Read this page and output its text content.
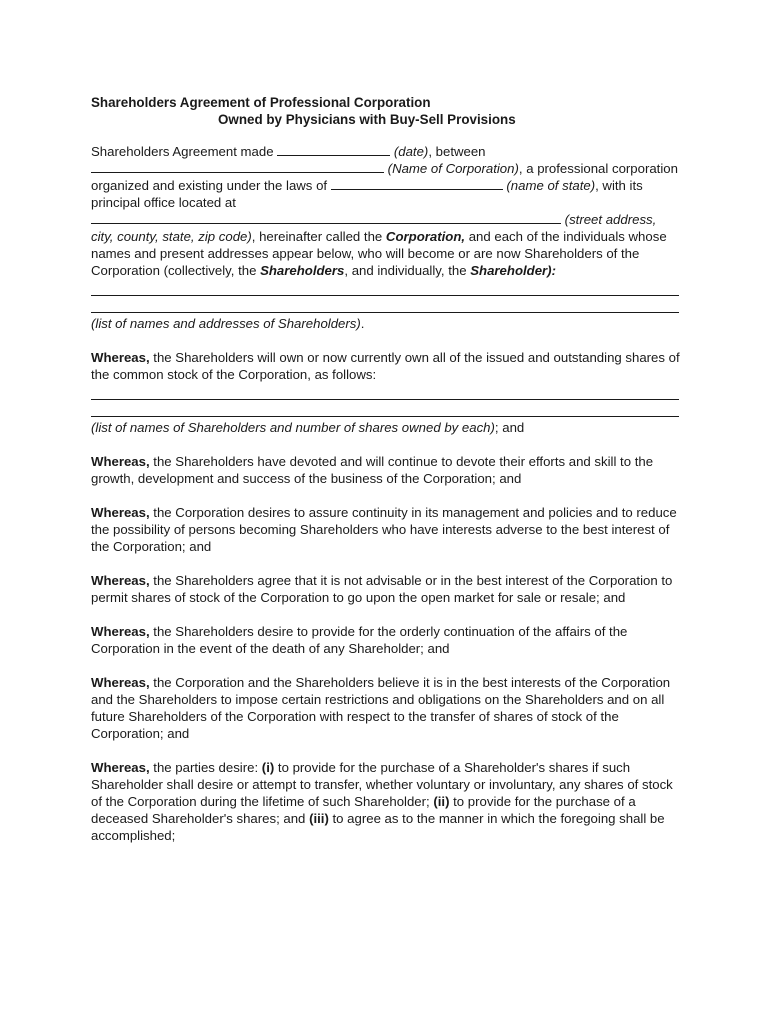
Shareholders Agreement of Professional Corporation

Owned by Physicians with Buy-Sell Provisions

Shareholders Agreement made	(date), between  (Name of Corporation), a professional corporation organized and existing under the laws of	(name of state), with its principal office located at  (street address, city, county, state, zip code), hereinafter called the Corporation, and each of the individuals whose names and present addresses appear below, who will become or are now Shareholders of the Corporation (collectively, the Shareholders, and individually, the Shareholder):

(list of names and addresses of Shareholders).

Whereas, the Shareholders will own or now currently own all of the issued and outstanding shares of the common stock of the Corporation, as follows:

(list of names of Shareholders and number of shares owned by each); and

Whereas, the Shareholders have devoted and will continue to devote their efforts and skill to the growth, development and success of the business of the Corporation; and

Whereas, the Corporation desires to assure continuity in its management and policies and to reduce the possibility of persons becoming Shareholders who have interests adverse to the best interest of the Corporation; and

Whereas, the Shareholders agree that it is not advisable or in the best interest of the Corporation to permit shares of stock of the Corporation to go upon the open market for sale or resale; and

Whereas, the Shareholders desire to provide for the orderly continuation of the affairs of the Corporation in the event of the death of any Shareholder; and

Whereas, the Corporation and the Shareholders believe it is in the best interests of the Corporation and the Shareholders to impose certain restrictions and obligations on the Shareholders and on all future Shareholders of the Corporation with respect to the transfer of shares of stock of the Corporation; and

Whereas, the parties desire: (i) to provide for the purchase of a Shareholder's shares if such Shareholder shall desire or attempt to transfer, whether voluntary or involuntary, any shares of stock of the Corporation during the lifetime of such Shareholder; (ii) to provide for the purchase of a deceased Shareholder's shares; and (iii) to agree as to the manner in which the foregoing shall be accomplished;
